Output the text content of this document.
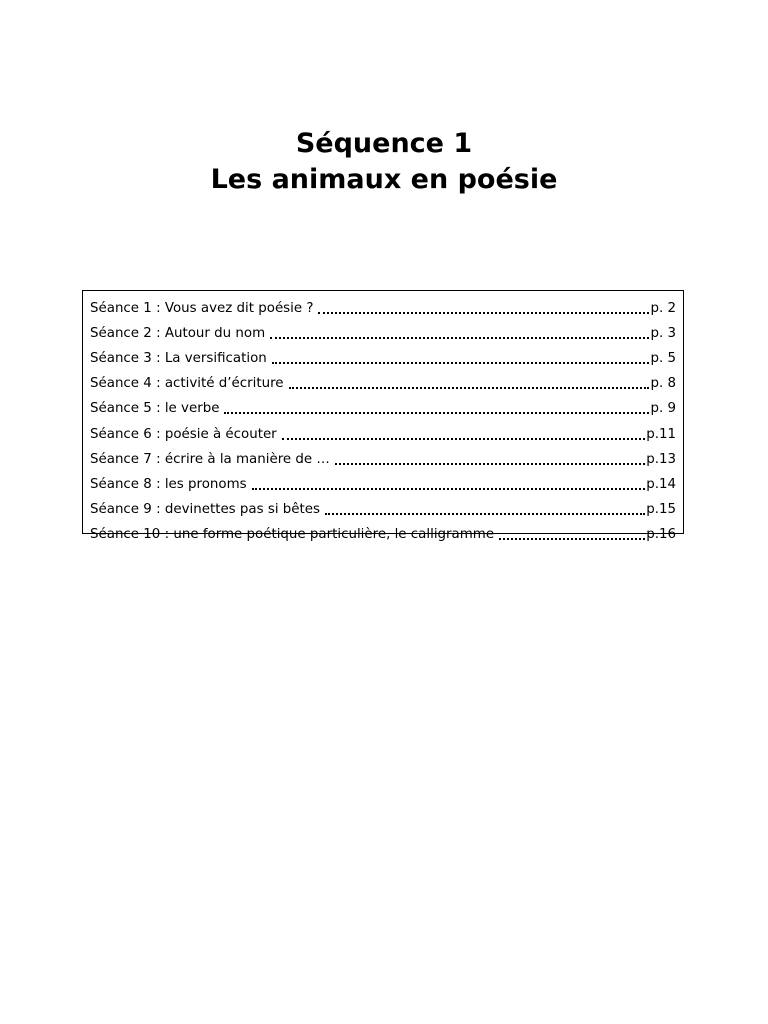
Séquence 1

Les animaux en poésie

Séance 1 : Vous avez dit poésie ?	p. 2
Séance 2 : Autour du nom	p. 3
Séance 3 : La versification	p. 5
Séance 4 : activité d’écriture	p. 8
Séance 5 : le verbe	p. 9
Séance 6 : poésie à écouter	p.11
Séance 7 : écrire à la manière de …	p.13
Séance 8 : les pronoms	p.14
Séance 9 : devinettes pas si bêtes	p.15
Séance 10 : une forme poétique particulière, le calligramme	p.16
